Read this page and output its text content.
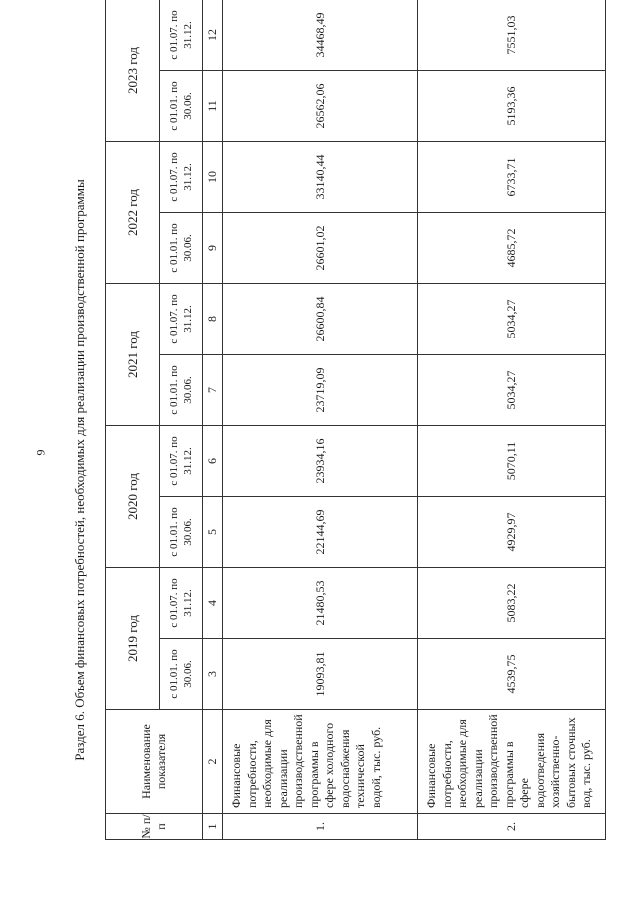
9 Раздел 6. Объем финансовых потребностей, необходимых для реализации производственной программы
№ п/п	Наименование показателя	2019 год		2020 год		2021 год		2022 год		2023 год	
		с 01.01. по 30.06.	с 01.07. по 31.12.	с 01.01. по 30.06.	с 01.07. по 31.12.	с 01.01. по 30.06.	с 01.07. по 31.12.	с 01.01. по 30.06.	с 01.07. по 31.12.	с 01.01. по 30.06.	с 01.07. по 31.12.
1	2	3	4	5	6	7	8	9	10	11	12
1.	Финансовые потребности, необходимые для реализации производственной программы в сфере холодного водоснабжения технической водой, тыс. руб.	19093,81	21480,53	22144,69	23934,16	23719,09	26600,84	26601,02	33140,44	26562,06	34468,49
2.	Финансовые потребности, необходимые для реализации производственной программы в сфере водоотведения хозяйственно-бытовых сточных вод, тыс. руб.	4539,75	5083,22	4929,97	5070,11	5034,27	5034,27	4685,72	6733,71	5193,36	7551,03
